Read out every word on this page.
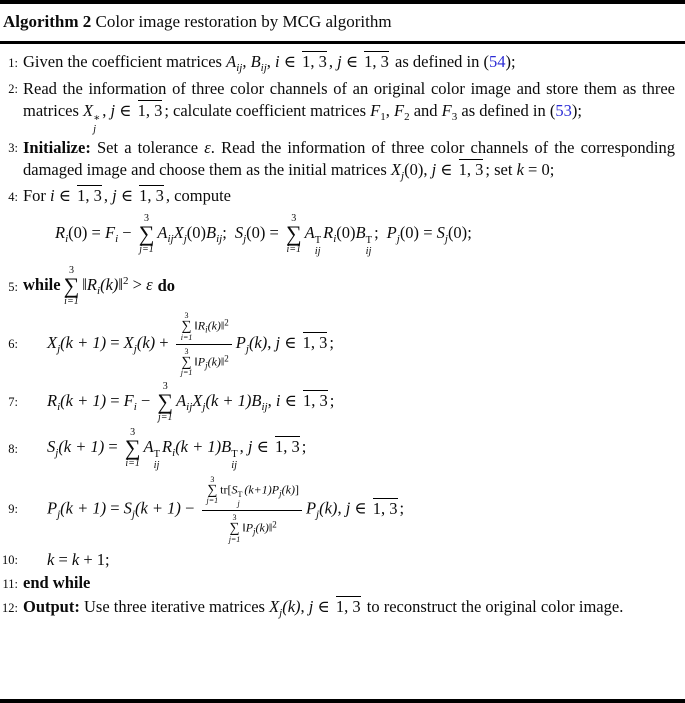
Algorithm 2 Color image restoration by MCG algorithm
1: Given the coefficient matrices $A_{ij}$, $B_{ij}$, i ∈ 1, 3 , j ∈ 1, 3 as defined in (54);
2: Read the information of three color channels of an original color image and store them as three matrices X ∗
j
, j ∈ 1, 3 ; calculate coefficient matrices $F_1$, $F_2$ and $F_3$ as defined in (53);
3: Initialize: Set a tolerance ε. Read the information of three color channels of the corresponding damaged image and choose them as the initial matrices $X_j(0)$, j ∈ 1, 3 ; set k = 0;
4: For i ∈ 1, 3 , j ∈ 1, 3 , compute
$R_i(0) = F_i$ −
3
∑
j=1
$A_{ij}X_j(0)B_{ij}$; $S_j(0)$ =
3
∑
i=1
A T
ij
$R_i(0)B$ T
ij
; $P_j(0) = S_j(0)$;
5: while
3
∑
i=1
$‖R_i(k)‖^2 > \varepsilon$ do
6:	$X_j(k + 1) = X_j(k) + 3$
∑
i=1
$‖R_i(k)‖^2$
3
∑
j=1
$‖P_j(k)‖^2$ $P_j(k)$, j ∈ 1, 3 ;
7:	$R_i(k + 1) = F_i$ −
3
∑
j=1
$A_{ij}X_j(k + 1)B_{ij}$, i ∈ 1, 3 ;
8:	$S_j(k + 1)$ =
3
∑
i=1
A T
ij
$R_i(k + 1)B$ T
ij
, j ∈ 1, 3 ;
9:	$P_j(k + 1) = S_j(k + 1) - 3$
∑
j=1
tr[S T
j
$(k+1)P_j(k)$]
3
∑
j=1
$‖P_j(k)‖^2$ $P_j(k)$, j ∈ 1, 3 ;
10:	k = k + 1;
11: end while
12: Output: Use three iterative matrices $X_j(k)$, j ∈ 1, 3 to reconstruct the original color image.
